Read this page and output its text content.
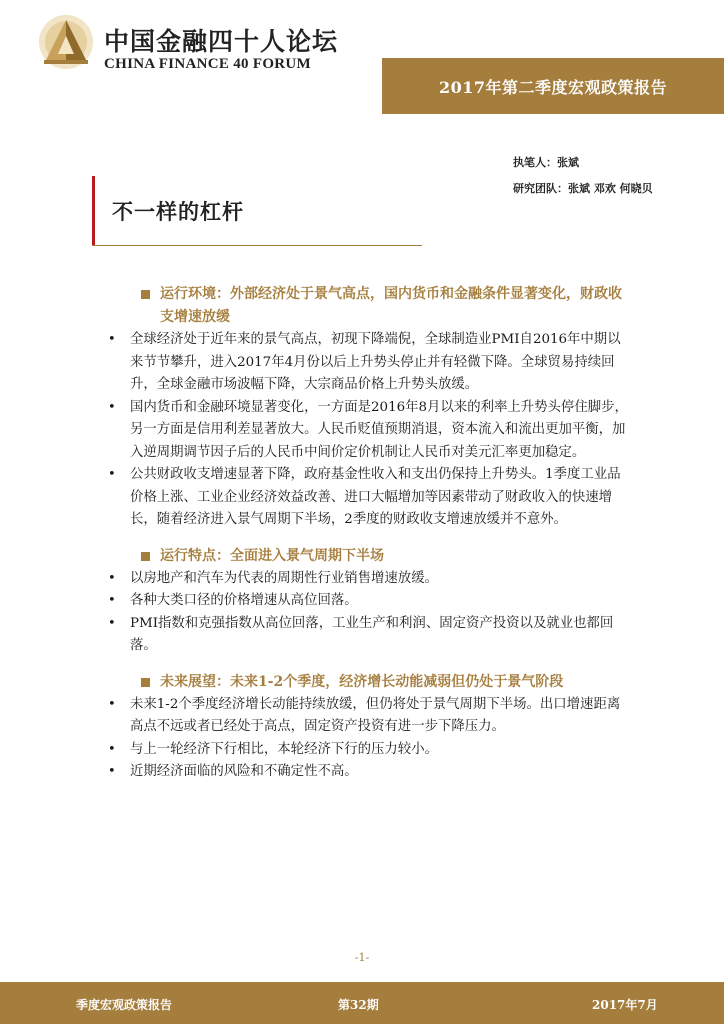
中国金融四十人论坛
CHINA FINANCE 40 FORUM
2017年第二季度宏观政策报告
执笔人：张斌
研究团队：张斌 邓欢 何晓贝
不一样的杠杆
运行环境：外部经济处于景气高点，国内货币和金融条件显著变化，财政收支增速放缓
• 全球经济处于近年来的景气高点，初现下降端倪，全球制造业PMI自2016年中期以来节节攀升，进入2017年4月份以后上升势头停止并有轻微下降。全球贸易持续回升，全球金融市场波幅下降，大宗商品价格上升势头放缓。
• 国内货币和金融环境显著变化，一方面是2016年8月以来的利率上升势头停住脚步，另一方面是信用利差显著放大。人民币贬值预期消退，资本流入和流出更加平衡，加入逆周期调节因子后的人民币中间价定价机制让人民币对美元汇率更加稳定。
• 公共财政收支增速显著下降，政府基金性收入和支出仍保持上升势头。1季度工业品价格上涨、工业企业经济效益改善、进口大幅增加等因素带动了财政收入的快速增长，随着经济进入景气周期下半场，2季度的财政收支增速放缓并不意外。
运行特点：全面进入景气周期下半场
• 以房地产和汽车为代表的周期性行业销售增速放缓。
• 各种大类口径的价格增速从高位回落。
• PMI指数和克强指数从高位回落，工业生产和利润、固定资产投资以及就业也都回落。
未来展望：未来1-2个季度，经济增长动能减弱但仍处于景气阶段
• 未来1-2个季度经济增长动能持续放缓，但仍将处于景气周期下半场。出口增速距离高点不远或者已经处于高点，固定资产投资有进一步下降压力。
• 与上一轮经济下行相比，本轮经济下行的压力较小。
• 近期经济面临的风险和不确定性不高。
-1-
季度宏观政策报告	第32期	2017年7月
